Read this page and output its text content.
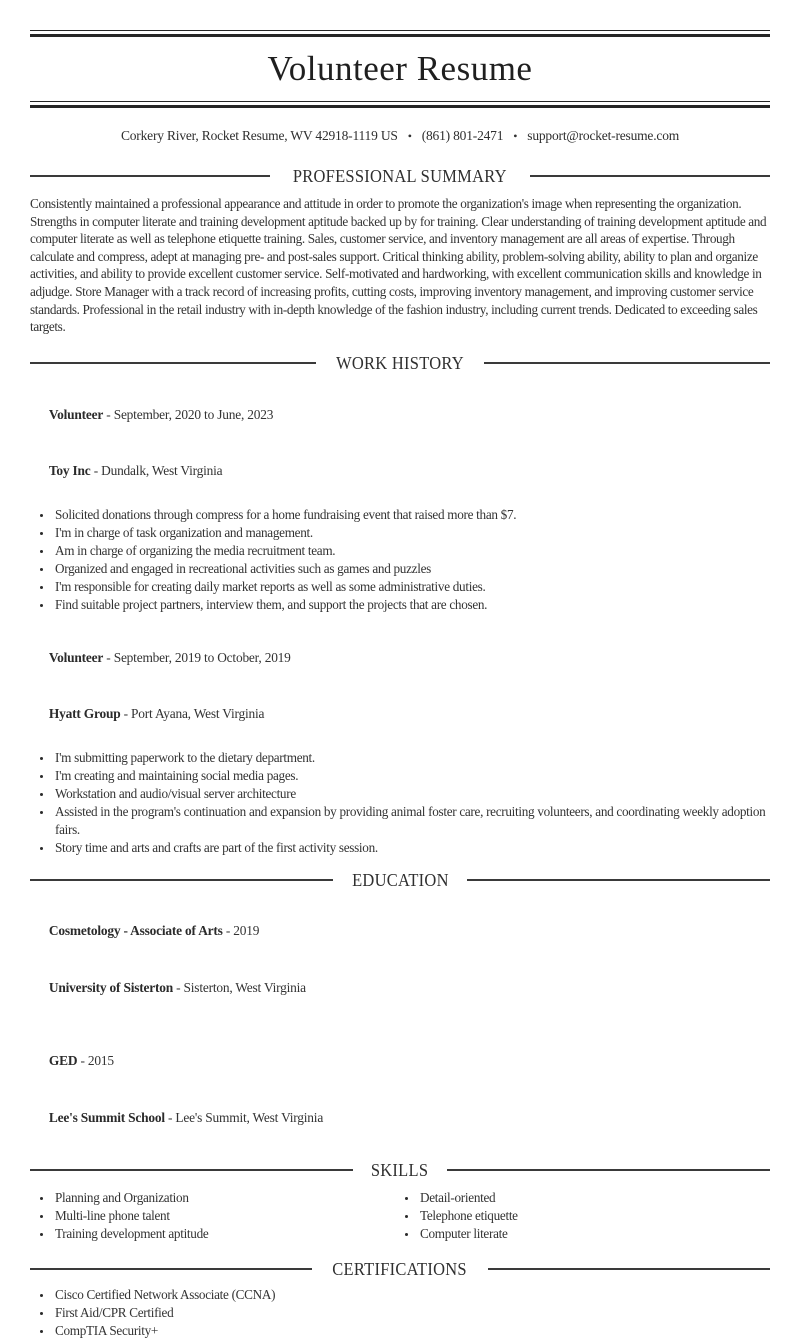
Volunteer Resume
Corkery River, Rocket Resume, WV 42918-1119 US • (861) 801-2471 • support@rocket-resume.com
PROFESSIONAL SUMMARY

Consistently maintained a professional appearance and attitude in order to promote the organization's image when representing the organization. Strengths in computer literate and training development aptitude backed up by for training. Clear understanding of training development aptitude and computer literate as well as telephone etiquette training. Sales, customer service, and inventory management are all areas of expertise. Through calculate and compress, adept at managing pre- and post-sales support. Critical thinking ability, problem-solving ability, ability to plan and organize activities, and ability to provide excellent customer service. Self-motivated and hardworking, with excellent communication skills and knowledge in adjudge. Store Manager with a track record of increasing profits, cutting costs, improving inventory management, and improving customer service standards. Professional in the retail industry with in-depth knowledge of the fashion industry, including current trends. Dedicated to exceeding sales targets.

WORK HISTORY

Volunteer - September, 2020 to June, 2023

Toy Inc - Dundalk, West Virginia

• Solicited donations through compress for a home fundraising event that raised more than $7.
• I'm in charge of task organization and management.
• Am in charge of organizing the media recruitment team.
• Organized and engaged in recreational activities such as games and puzzles
• I'm responsible for creating daily market reports as well as some administrative duties.
• Find suitable project partners, interview them, and support the projects that are chosen.

Volunteer - September, 2019 to October, 2019

Hyatt Group - Port Ayana, West Virginia

• I'm submitting paperwork to the dietary department.
• I'm creating and maintaining social media pages.
• Workstation and audio/visual server architecture
• Assisted in the program's continuation and expansion by providing animal foster care, recruiting volunteers, and coordinating weekly adoption fairs.
• Story time and arts and crafts are part of the first activity session.
EDUCATION

Cosmetology - Associate of Arts - 2019

University of Sisterton - Sisterton, West Virginia

GED - 2015

Lee's Summit School - Lee's Summit, West Virginia

SKILLS
• Planning and Organization
• Multi-line phone talent
• Training development aptitude
• Detail-oriented
• Telephone etiquette
• Computer literate
CERTIFICATIONS
• Cisco Certified Network Associate (CCNA)
• First Aid/CPR Certified
• CompTIA Security+
